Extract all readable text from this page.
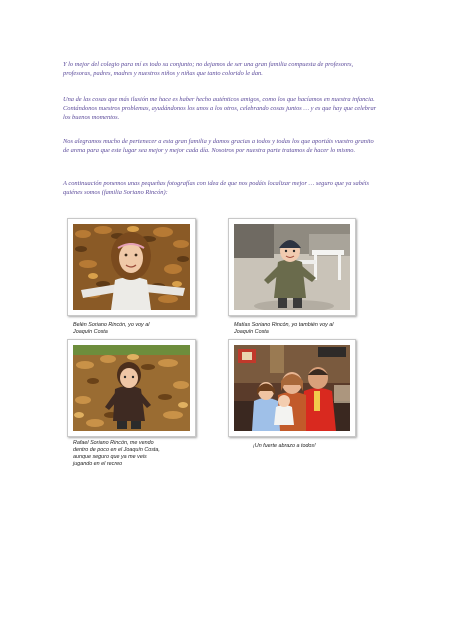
Y lo mejor del colegio para mí es todo su conjunto; no dejamos de ser una gran familia compuesta de profesores, profesoras, padres, madres y nuestros niños y niñas que tanto colorido le dan.

Una de las cosas que más ilusión me hace es haber hecho auténticos amigos, como los que hacíamos en nuestra infancia. Contándonos nuestros problemas, ayudándonos los unos a los otros, celebrando cosas juntos … y es que hay que celebrar los buenos momentos.

Nos alegramos mucho de pertenecer a esta gran familia y damos gracias a todos y todas los que aportáis vuestro granito de arena para que este lugar sea mejor y mejor cada día. Nosotros por nuestra parte tratamos de hacer lo mismo.

A continuación ponemos unas pequeñas fotografías con idea de que nos podáis localizar mejor … seguro que ya sabéis quiénes somos (familia Soriano Rincón):

Belén Soriano Rincón, yo voy al Joaquín Costa

Matías Soriano Rincón, yo también voy al Joaquín Costa

Rafael Soriano Rincón, me vendo dentro de poco en el Joaquín Costa, aunque seguro que ya me veis jugando en el recreo

¡Un fuerte abrazo a todos!
